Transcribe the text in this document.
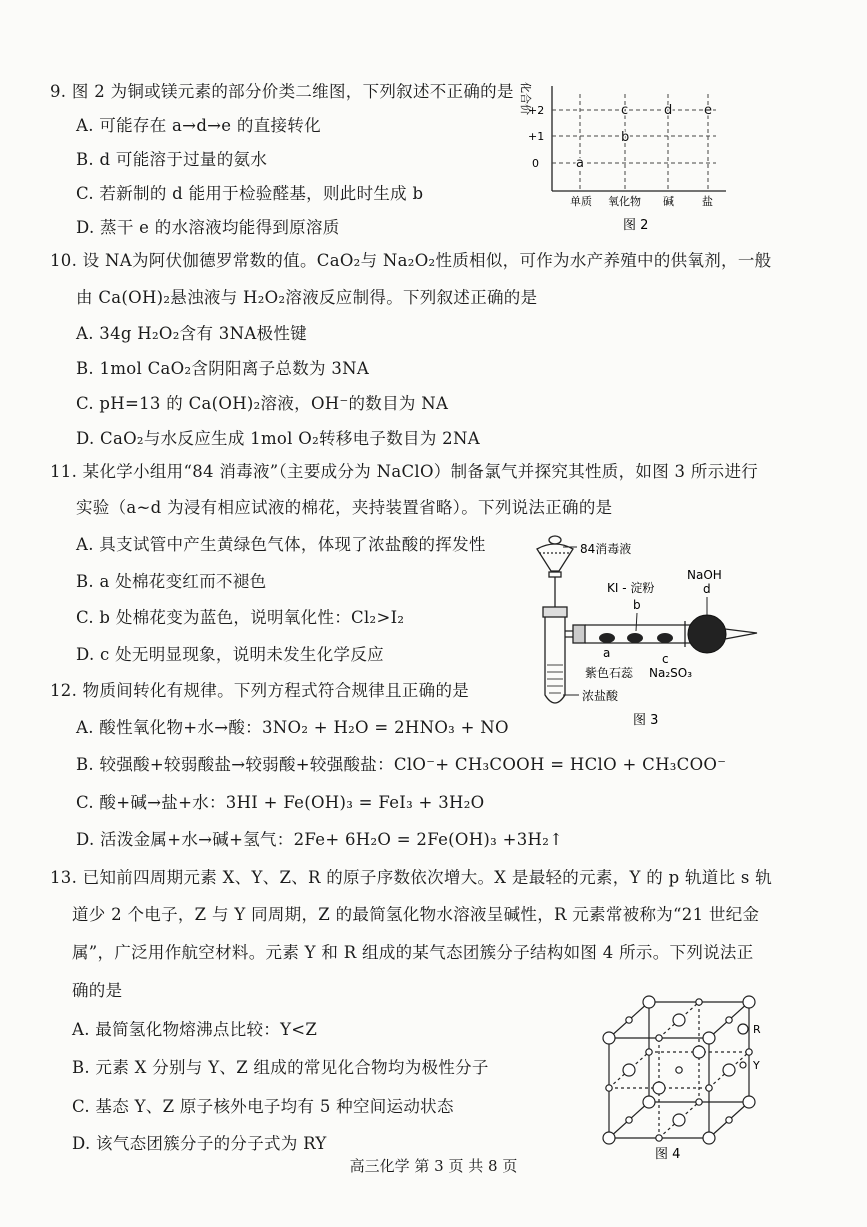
9. 图 2 为铜或镁元素的部分价类二维图，下列叙述不正确的是
A. 可能存在 a→d→e 的直接转化
B. d 可能溶于过量的氨水
C. 若新制的 d 能用于检验醛基，则此时生成 b
D. 蒸干 e 的水溶液均能得到原溶质
化合价
+2
+1
0	a
b
c	d e
单质 氧化物 碱	盐
图 2
10. 设 NA为阿伏伽德罗常数的值。CaO₂与 Na₂O₂性质相似，可作为水产养殖中的供氧剂，一般
由 Ca(OH)₂悬浊液与 H₂O₂溶液反应制得。下列叙述正确的是
A. 34g H₂O₂含有 3NA极性键
B. 1mol CaO₂含阴阳离子总数为 3NA
C. pH=13 的 Ca(OH)₂溶液，OH⁻的数目为 NA
D. CaO₂与水反应生成 1mol O₂转移电子数目为 2NA
11. 某化学小组用“84 消毒液”（主要成分为 NaClO）制备氯气并探究其性质，如图 3 所示进行
实验（a~d 为浸有相应试液的棉花，夹持装置省略）。下列说法正确的是
A. 具支试管中产生黄绿色气体，体现了浓盐酸的挥发性
B. a 处棉花变红而不褪色
C. b 处棉花变为蓝色，说明氧化性：Cl₂>I₂
D. c 处无明显现象，说明未发生化学反应
84消毒液
KI - 淀粉
b
NaOH
d
a	c
紫色石蕊 Na₂SO₃
浓盐酸
图 3
12. 物质间转化有规律。下列方程式符合规律且正确的是
A. 酸性氧化物+水→酸：3NO₂ + H₂O = 2HNO₃ + NO
B. 较强酸+较弱酸盐→较弱酸+较强酸盐：ClO⁻+ CH₃COOH = HClO + CH₃COO⁻
C. 酸+碱→盐+水：3HI + Fe(OH)₃ = FeI₃ + 3H₂O
D. 活泼金属+水→碱+氢气：2Fe+ 6H₂O = 2Fe(OH)₃ +3H₂↑
13. 已知前四周期元素 X、Y、Z、R 的原子序数依次增大。X 是最轻的元素，Y 的 p 轨道比 s 轨
道少 2 个电子，Z 与 Y 同周期，Z 的最简氢化物水溶液呈碱性，R 元素常被称为“21 世纪金
属”，广泛用作航空材料。元素 Y 和 R 组成的某气态团簇分子结构如图 4 所示。下列说法正
确的是
A. 最简氢化物熔沸点比较：Y<Z
B. 元素 X 分别与 Y、Z 组成的常见化合物均为极性分子
C. 基态 Y、Z 原子核外电子均有 5 种空间运动状态
D. 该气态团簇分子的分子式为 RY
R
Y
图 4
高三化学 第 3 页 共 8 页
